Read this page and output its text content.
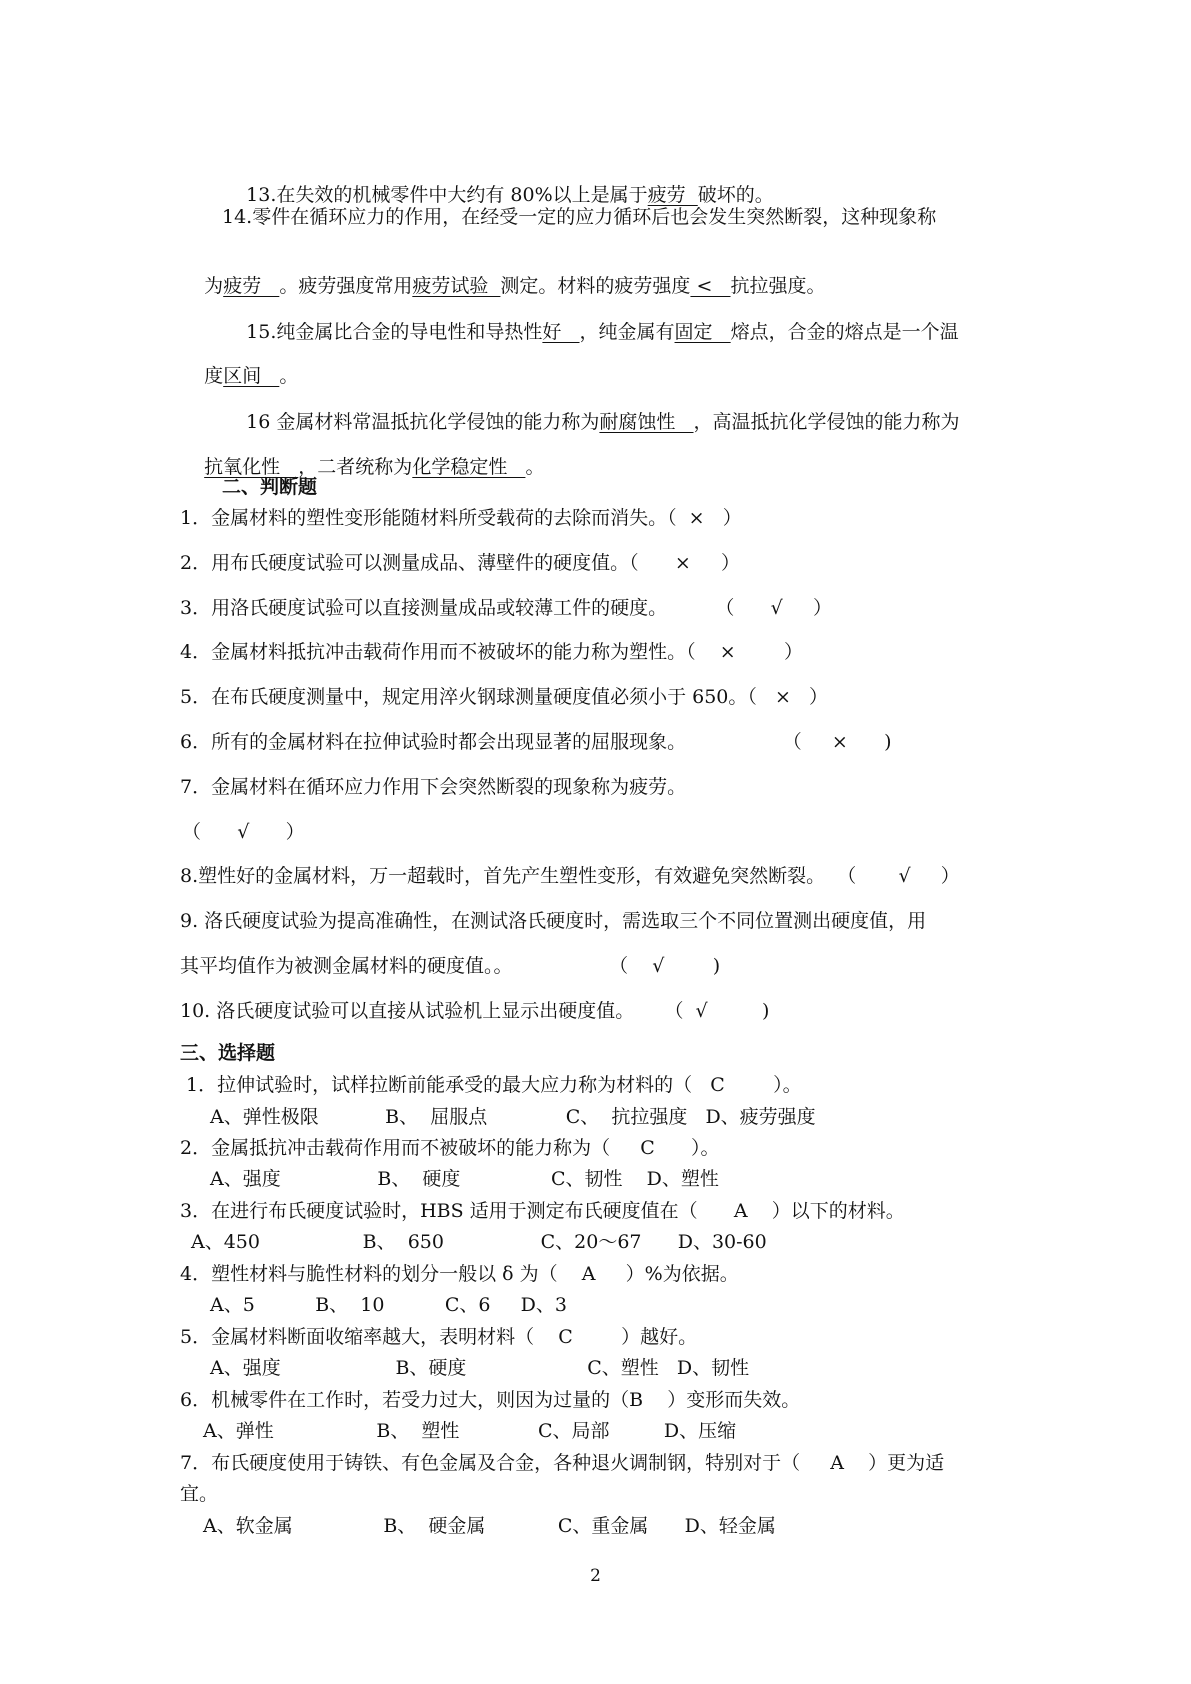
13.在失效的机械零件中大约有 80%以上是属于疲劳  破坏的。

14.零件在循环应力的作用，在经受一定的应力循环后也会发生突然断裂，这种现象称

为疲劳   。疲劳强度常用疲劳试验  测定。材料的疲劳强度 <   抗拉强度。

15.纯金属比合金的导电性和导热性好   ，纯金属有固定   熔点，合金的熔点是一个温

度区间   。

16 金属材料常温抵抗化学侵蚀的能力称为耐腐蚀性   ，高温抵抗化学侵蚀的能力称为

抗氧化性   ，二者统称为化学稳定性   。

二、判断题
1．金属材料的塑性变形能随材料所受载荷的去除而消失。（  ×   ）
2．用布氏硬度试验可以测量成品、薄壁件的硬度值。（      ×     ）
3．用洛氏硬度试验可以直接测量成品或较薄工件的硬度。        （      √     ）
4．金属材料抵抗冲击载荷作用而不被破坏的能力称为塑性。（    ×        ）
5．在布氏硬度测量中，规定用淬火钢球测量硬度值必须小于 650。（   ×   ）
6．所有的金属材料在拉伸试验时都会出现显著的屈服现象。                （     ×      )
7．金属材料在循环应力作用下会突然断裂的现象称为疲劳。
（      √      ）
8.塑性好的金属材料，万一超载时，首先产生塑性变形，有效避免突然断裂。  （       √     ）
9. 洛氏硬度试验为提高准确性，在测试洛氏硬度时，需选取三个不同位置测出硬度值，用
其平均值作为被测金属材料的硬度值。。                （    √        )
10. 洛氏硬度试验可以直接从试验机上显示出硬度值。     （  √         )
三、选择题
1．拉伸试验时，试样拉断前能承受的最大应力称为材料的（   C        ）。
A、弹性极限           B、  屈服点             C、  抗拉强度   D、疲劳强度
2．金属抵抗冲击载荷作用而不被破坏的能力称为（     C      ）。
A、强度                B、  硬度               C、韧性    D、塑性
3．在进行布氏硬度试验时，HBS 适用于测定布氏硬度值在（      A    ）以下的材料。
A、450                 B、  650                C、20～67      D、30-60
4．塑性材料与脆性材料的划分一般以 δ 为（    A     ）%为依据。
A、5          B、  10          C、6     D、3
5．金属材料断面收缩率越大，表明材料（    C        ）越好。
A、强度                   B、硬度                    C、塑性   D、韧性
6．机械零件在工作时，若受力过大，则因为过量的（B    ）变形而失效。
A、弹性                 B、  塑性             C、局部         D、压缩
7．布氏硬度使用于铸铁、有色金属及合金，各种退火调制钢，特别对于（     A    ）更为适
宜。
A、软金属               B、  硬金属            C、重金属      D、轻金属
2
